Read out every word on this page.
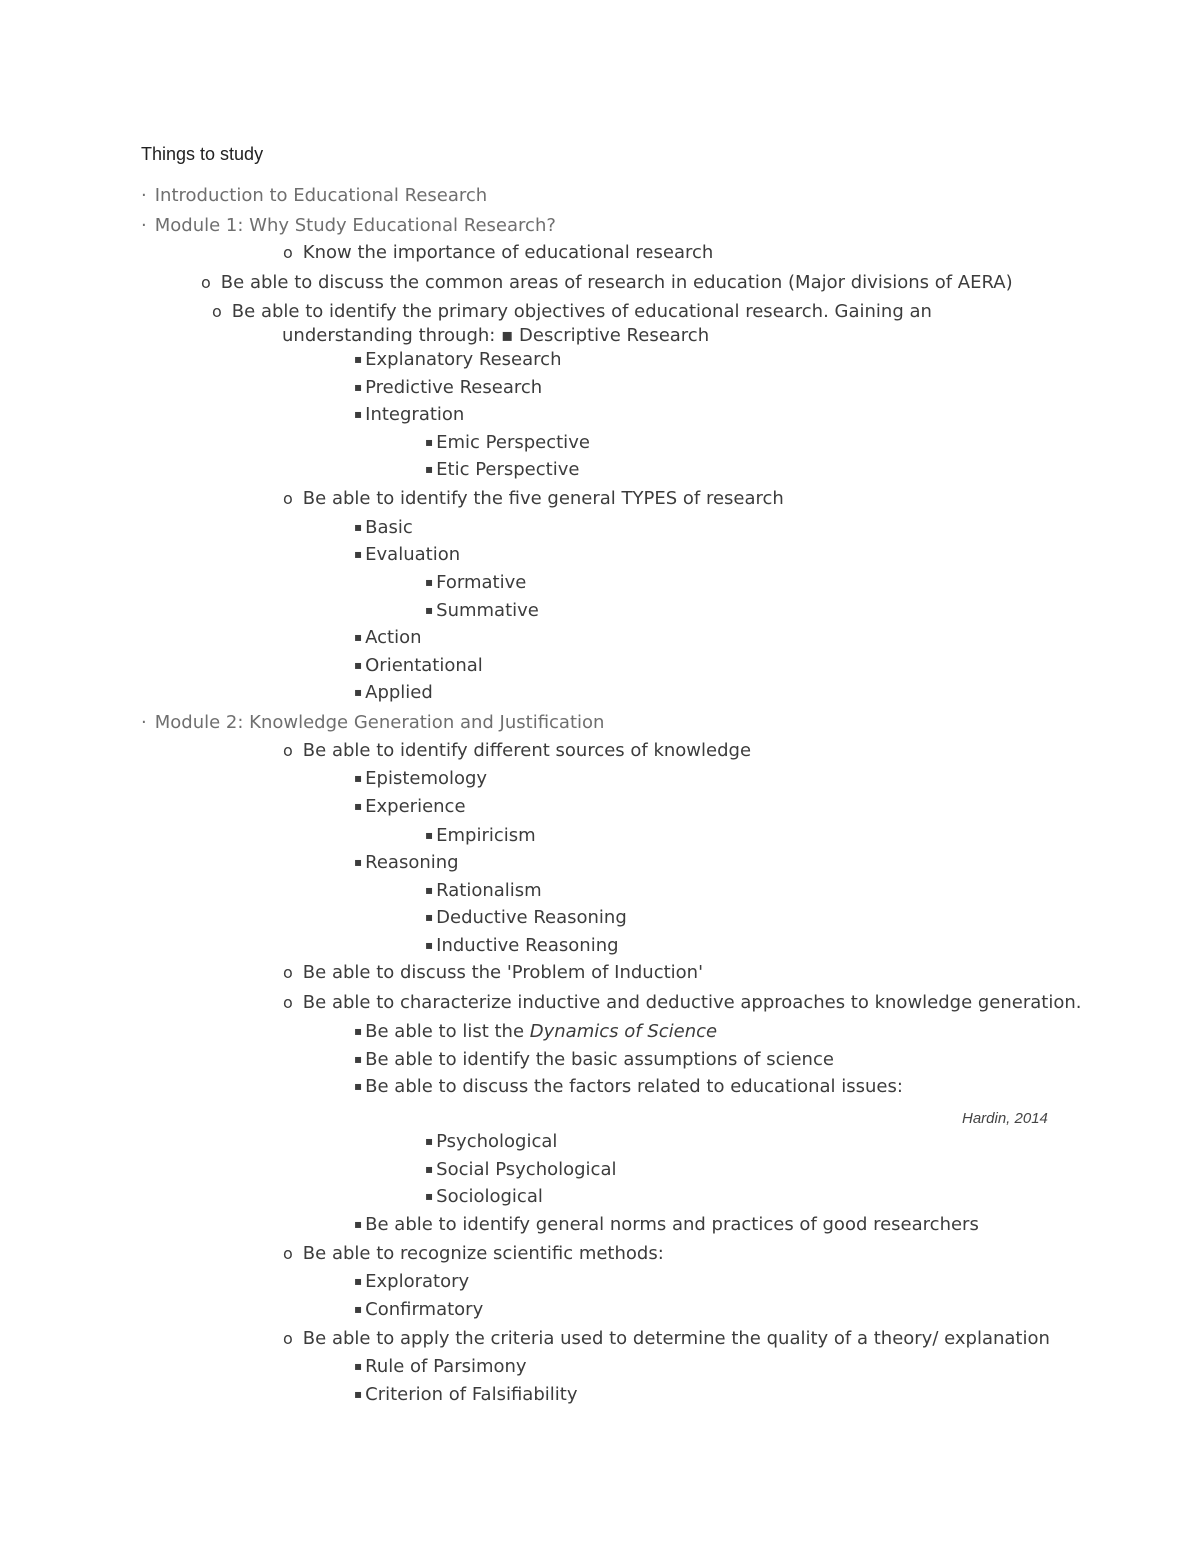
Things to study
· Introduction to Educational Research
· Module 1: Why Study Educational Research?
o Know the importance of educational research
o Be able to discuss the common areas of research in education (Major divisions of AERA)
o Be able to identify the primary objectives of educational research. Gaining an
understanding through: ▪ Descriptive Research
▪ Explanatory Research
▪ Predictive Research
▪ Integration
▪ Emic Perspective
▪ Etic Perspective
o Be able to identify the five general TYPES of research
▪ Basic
▪ Evaluation
▪ Formative
▪ Summative
▪ Action
▪ Orientational
▪ Applied
· Module 2: Knowledge Generation and Justification
o Be able to identify different sources of knowledge
▪ Epistemology
▪ Experience
▪ Empiricism
▪ Reasoning
▪ Rationalism
▪ Deductive Reasoning
▪ Inductive Reasoning
o Be able to discuss the 'Problem of Induction'
o Be able to characterize inductive and deductive approaches to knowledge generation.
▪ Be able to list the Dynamics of Science
▪ Be able to identify the basic assumptions of science
▪ Be able to discuss the factors related to educational issues:
▪ Psychological
▪ Social Psychological
▪ Sociological
▪ Be able to identify general norms and practices of good researchers
o Be able to recognize scientific methods:
▪ Exploratory
▪ Confirmatory
o Be able to apply the criteria used to determine the quality of a theory/ explanation
▪ Rule of Parsimony
▪ Criterion of Falsifiability
Hardin, 2014
